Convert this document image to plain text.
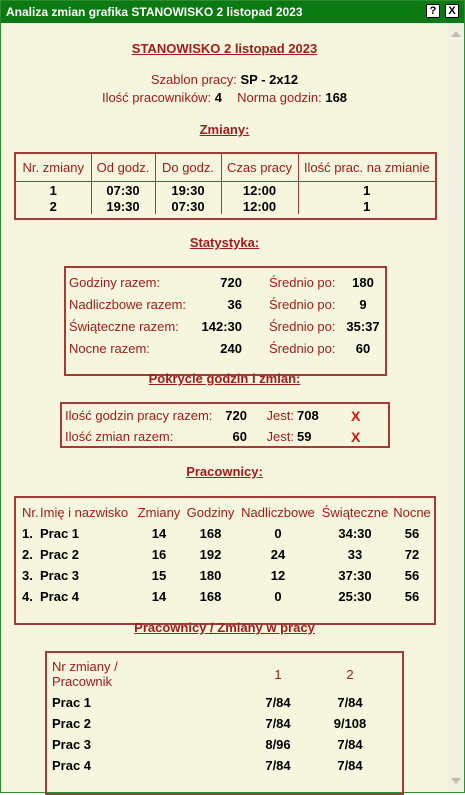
Analiza zmian grafika STANOWISKO 2 listopad 2023	?	X
STANOWISKO 2 listopad 2023
Szablon pracy: SP - 2x12
Ilość pracowników: 4 Norma godzin: 168
Zmiany:
Nr. zmiany	Od godz.	Do godz.	Czas pracy	Ilość prac. na zmianie
1	07:30	19:30	12:00	1
2	19:30	07:30	12:00	1
Statystyka:
Godziny razem:	720		Średnio po:	180
Nadliczbowe razem:	36		Średnio po:	9
Świąteczne razem:	142:30		Średnio po:	35:37
Nocne razem:	240		Średnio po:	60
Pokrycie godzin i zmian:
Ilość godzin pracy razem:	720	Jest:	708		X
Ilość zmian razem:	60	Jest:	59		X
Pracownicy:
Nr.	Imię i nazwisko	Zmiany	Godziny	Nadliczbowe	Świąteczne	Nocne
1.	Prac 1	14	168	0	34:30	56
2.	Prac 2	16	192	24	33	72
3.	Prac 3	15	180	12	37:30	56
4.	Prac 4	14	168	0	25:30	56
Pracownicy / Zmiany w pracy
Nr zmiany /
Pracownik	1	2
Prac 1	7/84	7/84
Prac 2	7/84	9/108
Prac 3	8/96	7/84
Prac 4	7/84	7/84
